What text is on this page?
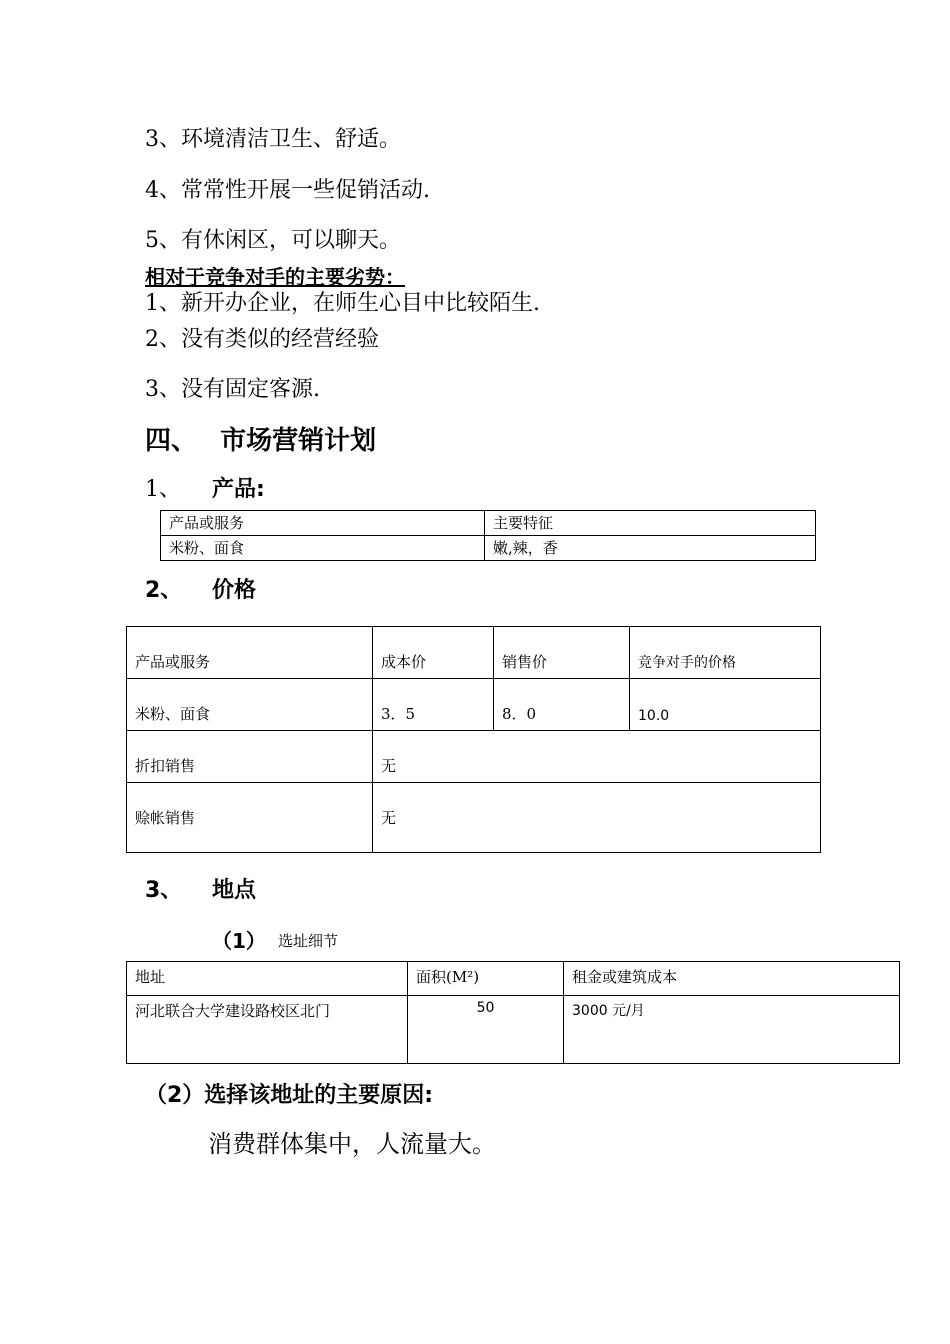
3、环境清洁卫生、舒适。
4、常常性开展一些促销活动.
5、有休闲区，可以聊天。
相对于竞争对手的主要劣势：
1、新开办企业，在师生心目中比较陌生.
2、没有类似的经营经验
3、没有固定客源.
四、 市场营销计划
1、 产品:
产品或服务	主要特征
米粉、面食	嫩,辣，香
2、 价格
产品或服务	成本价	销售价	竞争对手的价格
米粉、面食	3．5	8．0	10.0
折扣销售	无		
赊帐销售	无		
3、 地点
（1） 选址细节
地址	面积(M²)	租金或建筑成本
河北联合大学建设路校区北门	50	3000 元/月
（2）选择该地址的主要原因:
消费群体集中，人流量大。
